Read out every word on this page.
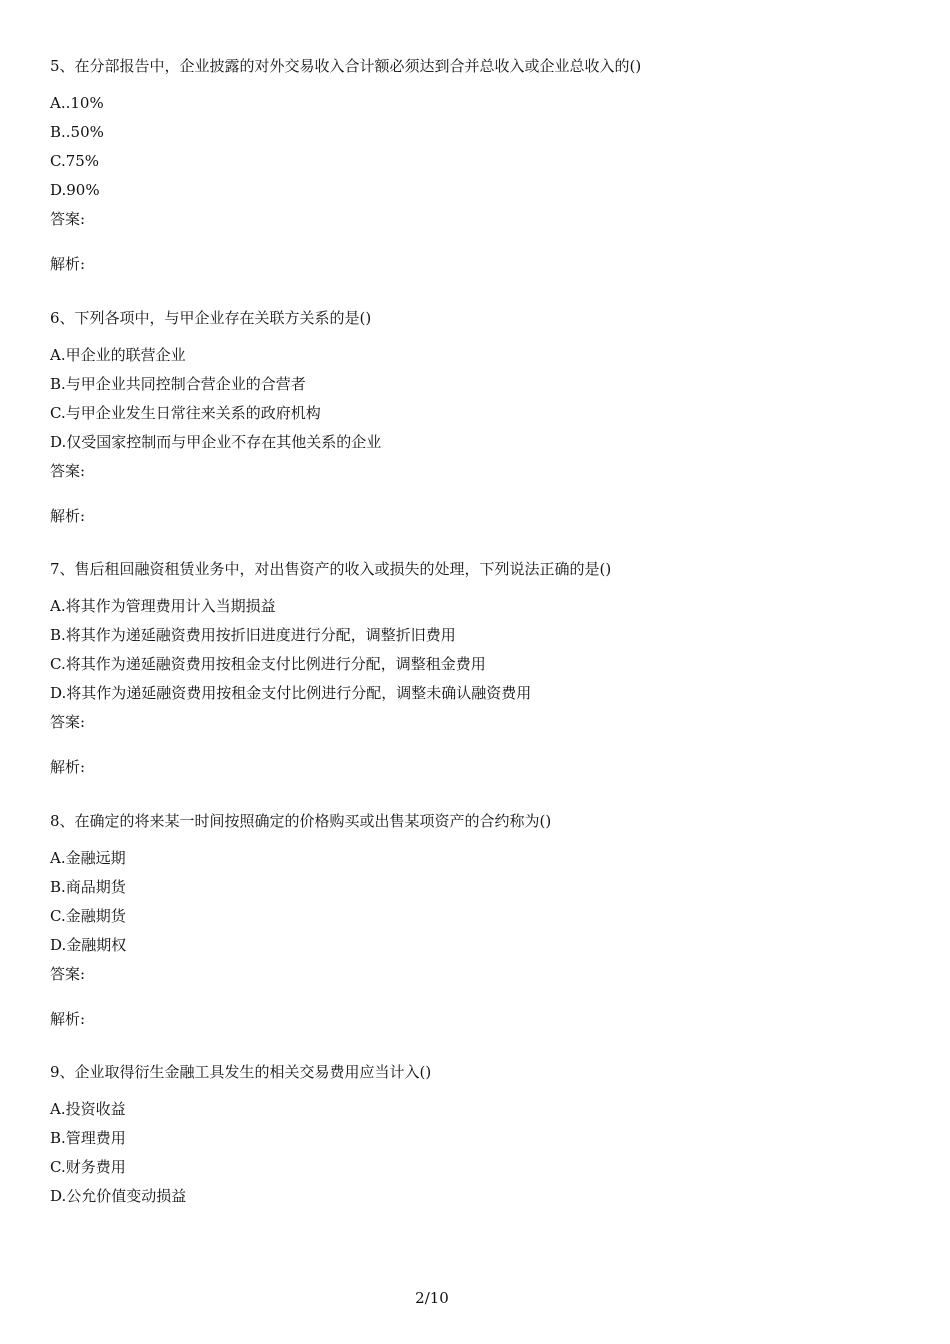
5、在分部报告中，企业披露的对外交易收入合计额必须达到合并总收入或企业总收入的()

A..10%
B..50%
C.75%
D.90%
答案:
解析:

6、下列各项中，与甲企业存在关联方关系的是()

A.甲企业的联营企业
B.与甲企业共同控制合营企业的合营者
C.与甲企业发生日常往来关系的政府机构
D.仅受国家控制而与甲企业不存在其他关系的企业
答案:
解析:

7、售后租回融资租赁业务中，对出售资产的收入或损失的处理，下列说法正确的是()

A.将其作为管理费用计入当期损益
B.将其作为递延融资费用按折旧进度进行分配，调整折旧费用
C.将其作为递延融资费用按租金支付比例进行分配，调整租金费用
D.将其作为递延融资费用按租金支付比例进行分配，调整未确认融资费用
答案:
解析:

8、在确定的将来某一时间按照确定的价格购买或出售某项资产的合约称为()

A.金融远期
B.商品期货
C.金融期货
D.金融期权
答案:
解析:

9、企业取得衍生金融工具发生的相关交易费用应当计入()

A.投资收益
B.管理费用
C.财务费用
D.公允价值变动损益
2/10
